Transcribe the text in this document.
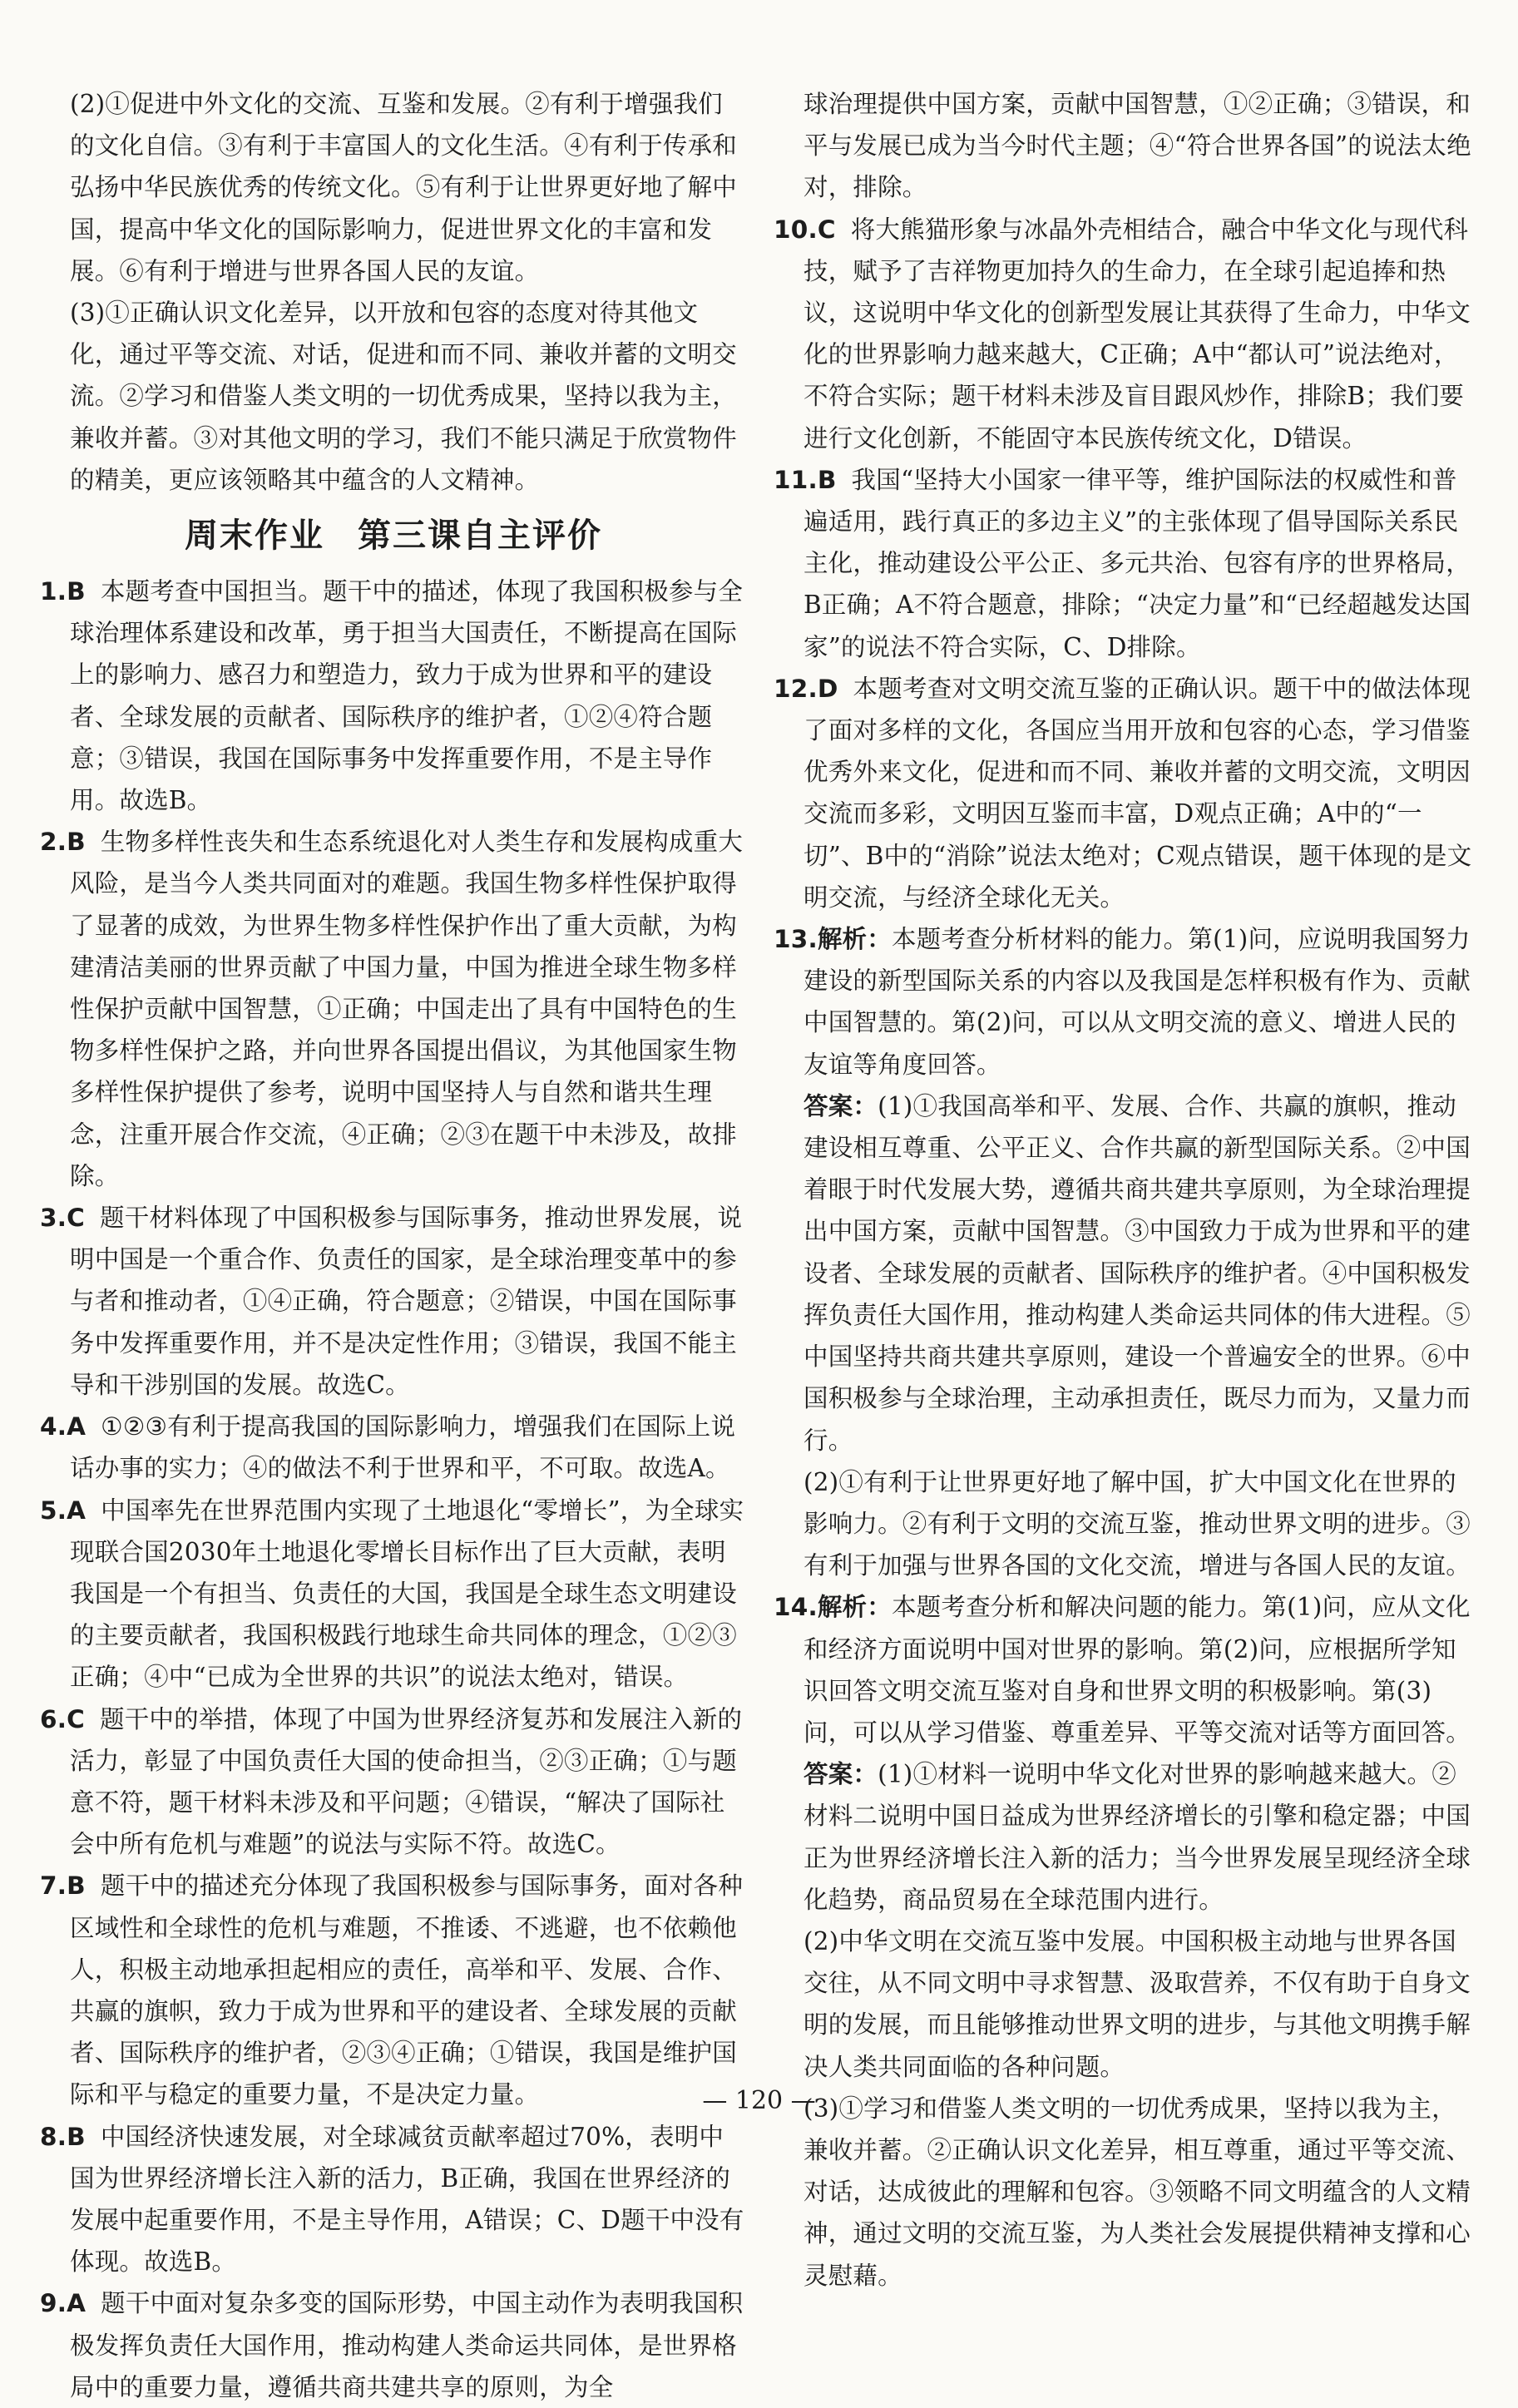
(2)①促进中外文化的交流、互鉴和发展。②有利于增强我们的文化自信。③有利于丰富国人的文化生活。④有利于传承和弘扬中华民族优秀的传统文化。⑤有利于让世界更好地了解中国，提高中华文化的国际影响力，促进世界文化的丰富和发展。⑥有利于增进与世界各国人民的友谊。

(3)①正确认识文化差异，以开放和包容的态度对待其他文化，通过平等交流、对话，促进和而不同、兼收并蓄的文明交流。②学习和借鉴人类文明的一切优秀成果，坚持以我为主，兼收并蓄。③对其他文明的学习，我们不能只满足于欣赏物件的精美，更应该领略其中蕴含的人文精神。

周末作业 第三课自主评价

1.B 本题考查中国担当。题干中的描述，体现了我国积极参与全球治理体系建设和改革，勇于担当大国责任，不断提高在国际上的影响力、感召力和塑造力，致力于成为世界和平的建设者、全球发展的贡献者、国际秩序的维护者，①②④符合题意；③错误，我国在国际事务中发挥重要作用，不是主导作用。故选B。

2.B 生物多样性丧失和生态系统退化对人类生存和发展构成重大风险，是当今人类共同面对的难题。我国生物多样性保护取得了显著的成效，为世界生物多样性保护作出了重大贡献，为构建清洁美丽的世界贡献了中国力量，中国为推进全球生物多样性保护贡献中国智慧，①正确；中国走出了具有中国特色的生物多样性保护之路，并向世界各国提出倡议，为其他国家生物多样性保护提供了参考，说明中国坚持人与自然和谐共生理念，注重开展合作交流，④正确；②③在题干中未涉及，故排除。

3.C 题干材料体现了中国积极参与国际事务，推动世界发展，说明中国是一个重合作、负责任的国家，是全球治理变革中的参与者和推动者，①④正确，符合题意；②错误，中国在国际事务中发挥重要作用，并不是决定性作用；③错误，我国不能主导和干涉别国的发展。故选C。

4.A ①②③有利于提高我国的国际影响力，增强我们在国际上说话办事的实力；④的做法不利于世界和平，不可取。故选A。

5.A 中国率先在世界范围内实现了土地退化“零增长”，为全球实现联合国2030年土地退化零增长目标作出了巨大贡献，表明我国是一个有担当、负责任的大国，我国是全球生态文明建设的主要贡献者，我国积极践行地球生命共同体的理念，①②③正确；④中“已成为全世界的共识”的说法太绝对，错误。

6.C 题干中的举措，体现了中国为世界经济复苏和发展注入新的活力，彰显了中国负责任大国的使命担当，②③正确；①与题意不符，题干材料未涉及和平问题；④错误，“解决了国际社会中所有危机与难题”的说法与实际不符。故选C。

7.B 题干中的描述充分体现了我国积极参与国际事务，面对各种区域性和全球性的危机与难题，不推诿、不逃避，也不依赖他人，积极主动地承担起相应的责任，高举和平、发展、合作、共赢的旗帜，致力于成为世界和平的建设者、全球发展的贡献者、国际秩序的维护者，②③④正确；①错误，我国是维护国际和平与稳定的重要力量，不是决定力量。

8.B 中国经济快速发展，对全球减贫贡献率超过70%，表明中国为世界经济增长注入新的活力，B正确，我国在世界经济的发展中起重要作用，不是主导作用，A错误；C、D题干中没有体现。故选B。

9.A 题干中面对复杂多变的国际形势，中国主动作为表明我国积极发挥负责任大国作用，推动构建人类命运共同体，是世界格局中的重要力量，遵循共商共建共享的原则，为全

球治理提供中国方案，贡献中国智慧，①②正确；③错误，和平与发展已成为当今时代主题；④“符合世界各国”的说法太绝对，排除。

10.C 将大熊猫形象与冰晶外壳相结合，融合中华文化与现代科技，赋予了吉祥物更加持久的生命力，在全球引起追捧和热议，这说明中华文化的创新型发展让其获得了生命力，中华文化的世界影响力越来越大，C正确；A中“都认可”说法绝对，不符合实际；题干材料未涉及盲目跟风炒作，排除B；我们要进行文化创新，不能固守本民族传统文化，D错误。

11.B 我国“坚持大小国家一律平等，维护国际法的权威性和普遍适用，践行真正的多边主义”的主张体现了倡导国际关系民主化，推动建设公平公正、多元共治、包容有序的世界格局，B正确；A不符合题意，排除；“决定力量”和“已经超越发达国家”的说法不符合实际，C、D排除。

12.D 本题考查对文明交流互鉴的正确认识。题干中的做法体现了面对多样的文化，各国应当用开放和包容的心态，学习借鉴优秀外来文化，促进和而不同、兼收并蓄的文明交流，文明因交流而多彩，文明因互鉴而丰富，D观点正确；A中的“一切”、B中的“消除”说法太绝对；C观点错误，题干体现的是文明交流，与经济全球化无关。

13.解析：本题考查分析材料的能力。第(1)问，应说明我国努力建设的新型国际关系的内容以及我国是怎样积极有作为、贡献中国智慧的。第(2)问，可以从文明交流的意义、增进人民的友谊等角度回答。

答案：(1)①我国高举和平、发展、合作、共赢的旗帜，推动建设相互尊重、公平正义、合作共赢的新型国际关系。②中国着眼于时代发展大势，遵循共商共建共享原则，为全球治理提出中国方案，贡献中国智慧。③中国致力于成为世界和平的建设者、全球发展的贡献者、国际秩序的维护者。④中国积极发挥负责任大国作用，推动构建人类命运共同体的伟大进程。⑤中国坚持共商共建共享原则，建设一个普遍安全的世界。⑥中国积极参与全球治理，主动承担责任，既尽力而为，又量力而行。

(2)①有利于让世界更好地了解中国，扩大中国文化在世界的影响力。②有利于文明的交流互鉴，推动世界文明的进步。③有利于加强与世界各国的文化交流，增进与各国人民的友谊。

14.解析：本题考查分析和解决问题的能力。第(1)问，应从文化和经济方面说明中国对世界的影响。第(2)问，应根据所学知识回答文明交流互鉴对自身和世界文明的积极影响。第(3)问，可以从学习借鉴、尊重差异、平等交流对话等方面回答。

答案：(1)①材料一说明中华文化对世界的影响越来越大。②材料二说明中国日益成为世界经济增长的引擎和稳定器；中国正为世界经济增长注入新的活力；当今世界发展呈现经济全球化趋势，商品贸易在全球范围内进行。

(2)中华文明在交流互鉴中发展。中国积极主动地与世界各国交往，从不同文明中寻求智慧、汲取营养，不仅有助于自身文明的发展，而且能够推动世界文明的进步，与其他文明携手解决人类共同面临的各种问题。

(3)①学习和借鉴人类文明的一切优秀成果，坚持以我为主，兼收并蓄。②正确认识文化差异，相互尊重，通过平等交流、对话，达成彼此的理解和包容。③领略不同文明蕴含的人文精神，通过文明的交流互鉴，为人类社会发展提供精神支撑和心灵慰藉。

— 120 —
